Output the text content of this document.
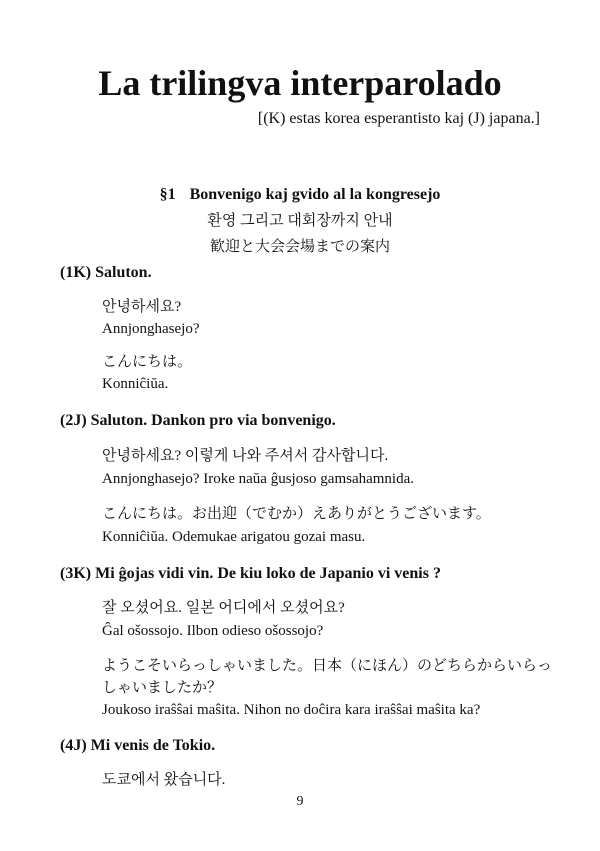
La trilingva interparolado
[(K) estas korea esperantisto kaj (J) japana.]
§1 Bonvenigo kaj gvido al la kongresejo
환영 그리고 대회장까지 안내
歓迎と大会会場までの案内
(1K) Saluton.
안녕하세요?
Annjonghasejo?
こんにちは。
Konniĉiŭa.
(2J) Saluton. Dankon pro via bonvenigo.
안녕하세요? 이렇게 나와 주셔서 감사합니다.
Annjonghasejo? Iroke naŭa ĝusjoso gamsahamnida.
こんにちは。お出迎（でむか）えありがとうございます。
Konniĉiŭa. Odemukae arigatou gozai masu.
(3K) Mi ĝojas vidi vin. De kiu loko de Japanio vi venis ?
잘 오셨어요. 일본 어디에서 오셨어요?
Ĝal ošossojo. Ilbon odieso ošossojo?
ようこそいらっしゃいました。日本（にほん）のどちらからいらっ
しゃいましたか？
Joukoso iraŝŝai maŝita. Nihon no doĉira kara iraŝŝai maŝita ka?
(4J) Mi venis de Tokio.
도쿄에서 왔습니다.
9
